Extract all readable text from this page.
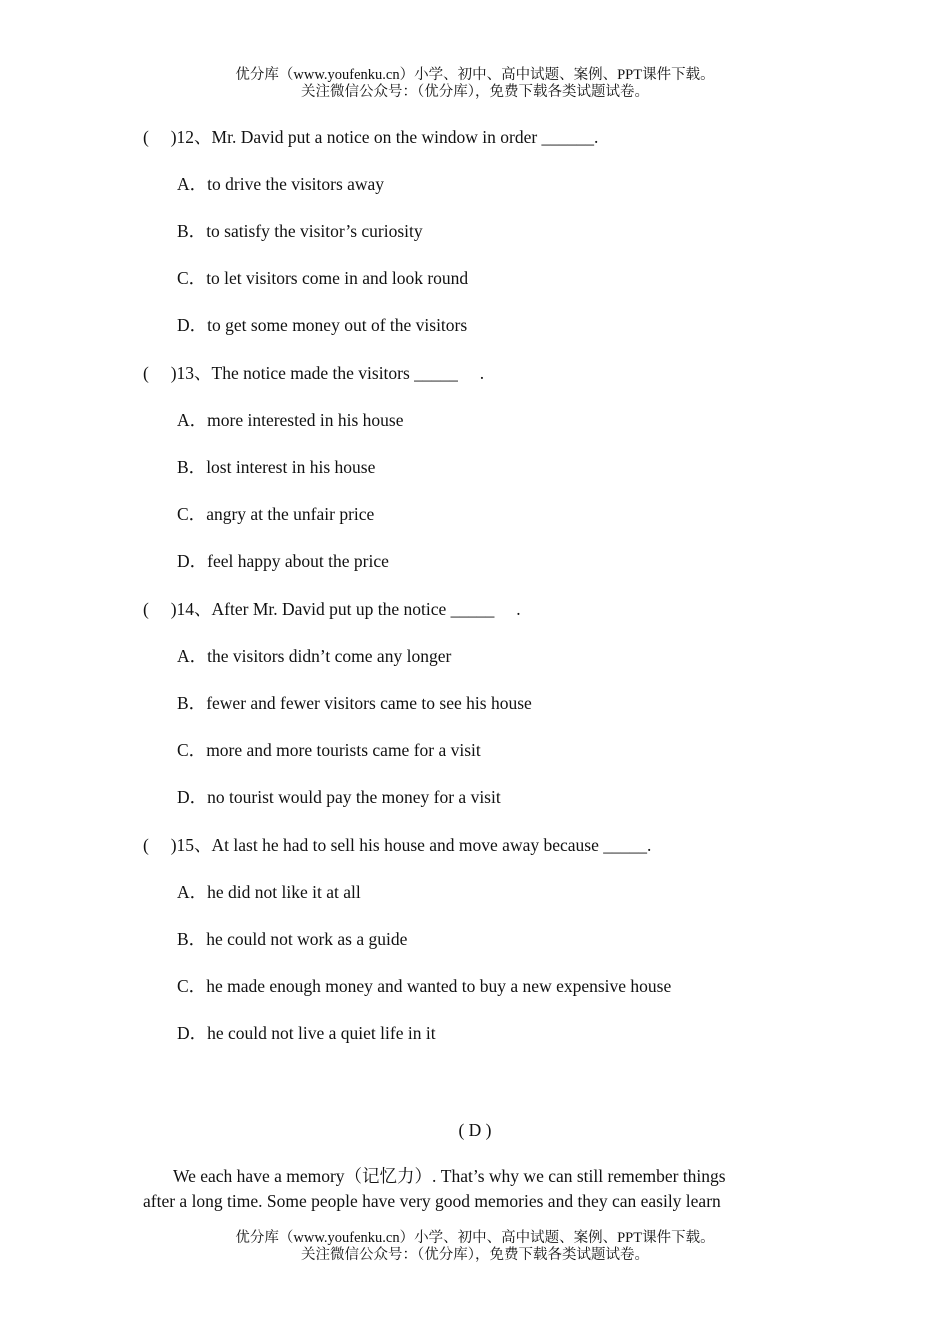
优分库（www.youfenku.cn）小学、初中、高中试题、案例、PPT课件下载。
关注微信公众号：（优分库），免费下载各类试题试卷。
(     )12、Mr. David put a notice on the window in order ______.
A．to drive the visitors away
B．to satisfy the visitor’s curiosity
C．to let visitors come in and look round
D．to get some money out of the visitors
(     )13、The notice made the visitors _____     .
A．more interested in his house
B．lost interest in his house
C．angry at the unfair price
D．feel happy about the price
(     )14、After Mr. David put up the notice _____     .
A．the visitors didn’t come any longer
B．fewer and fewer visitors came to see his house
C．more and more tourists came for a visit
D．no tourist would pay the money for a visit
(     )15、At last he had to sell his house and move away because _____.
A．he did not like it at all
B．he could not work as a guide
C．he made enough money and wanted to buy a new expensive house
D．he could not live a quiet life in it
( D )
We each have a memory（记忆力）. That’s why we can still remember things
after a long time. Some people have very good memories and they can easily learn
优分库（www.youfenku.cn）小学、初中、高中试题、案例、PPT课件下载。
关注微信公众号：（优分库），免费下载各类试题试卷。
